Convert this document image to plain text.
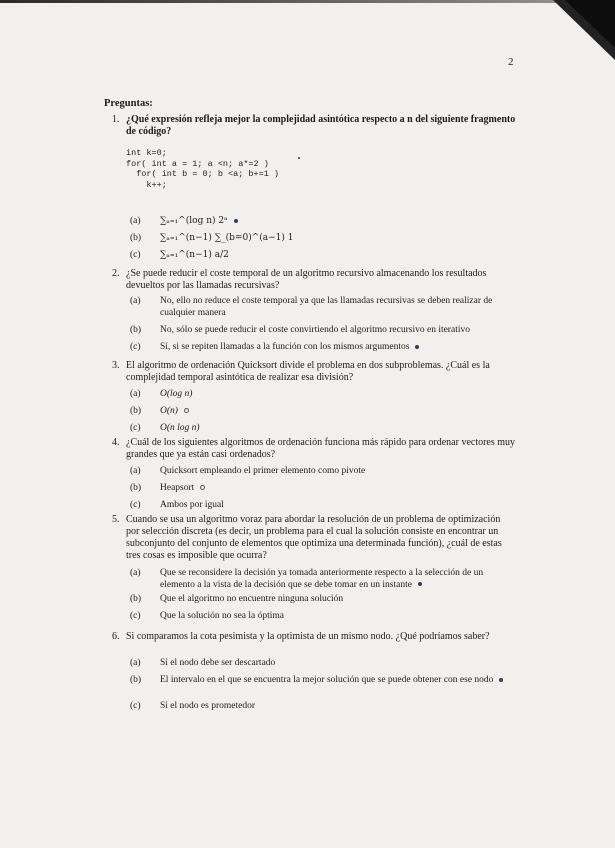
2
Preguntas:
1. ¿Qué expresión refleja mejor la complejidad asintótica respecto a n del siguiente fragmento de código?
int k=0;
for( int a = 1; a <n; a*=2 )
for( int b = 0; b <a; b+=1 )
k++;
(a) ∑ₐ₌₁^(log n) 2ᵃ
(b) ∑ₐ₌₁^(n−1) ∑_(b=0)^(a−1) 1
(c) ∑ₐ₌₁^(n−1) a/2
2. ¿Se puede reducir el coste temporal de un algoritmo recursivo almacenando los resultados devueltos por las llamadas recursivas?
(a) No, ello no reduce el coste temporal ya que las llamadas recursivas se deben realizar de cualquier manera
(b) No, sólo se puede reducir el coste convirtiendo el algoritmo recursivo en iterativo
(c) Sí, si se repiten llamadas a la función con los mismos argumentos
3. El algoritmo de ordenación Quicksort divide el problema en dos subproblemas. ¿Cuál es la complejidad temporal asintótica de realizar esa división?
(a) O(log n)
(b) O(n)
(c) O(n log n)
4. ¿Cuál de los siguientes algoritmos de ordenación funciona más rápido para ordenar vectores muy grandes que ya están casi ordenados?
(a) Quicksort empleando el primer elemento como pivote
(b) Heapsort
(c) Ambos por igual
5. Cuando se usa un algoritmo voraz para abordar la resolución de un problema de optimización por selección discreta (es decir, un problema para el cual la solución consiste en encontrar un subconjunto del conjunto de elementos que optimiza una determinada función), ¿cuál de estas tres cosas es imposible que ocurra?
(a) Que se reconsidere la decisión ya tomada anteriormente respecto a la selección de un elemento a la vista de la decisión que se debe tomar en un instante
(b) Que el algoritmo no encuentre ninguna solución
(c) Que la solución no sea la óptima
6. Si comparamos la cota pesimista y la optimista de un mismo nodo. ¿Qué podríamos saber?
(a) Si el nodo debe ser descartado
(b) El intervalo en el que se encuentra la mejor solución que se puede obtener con ese nodo
(c) Si el nodo es prometedor
